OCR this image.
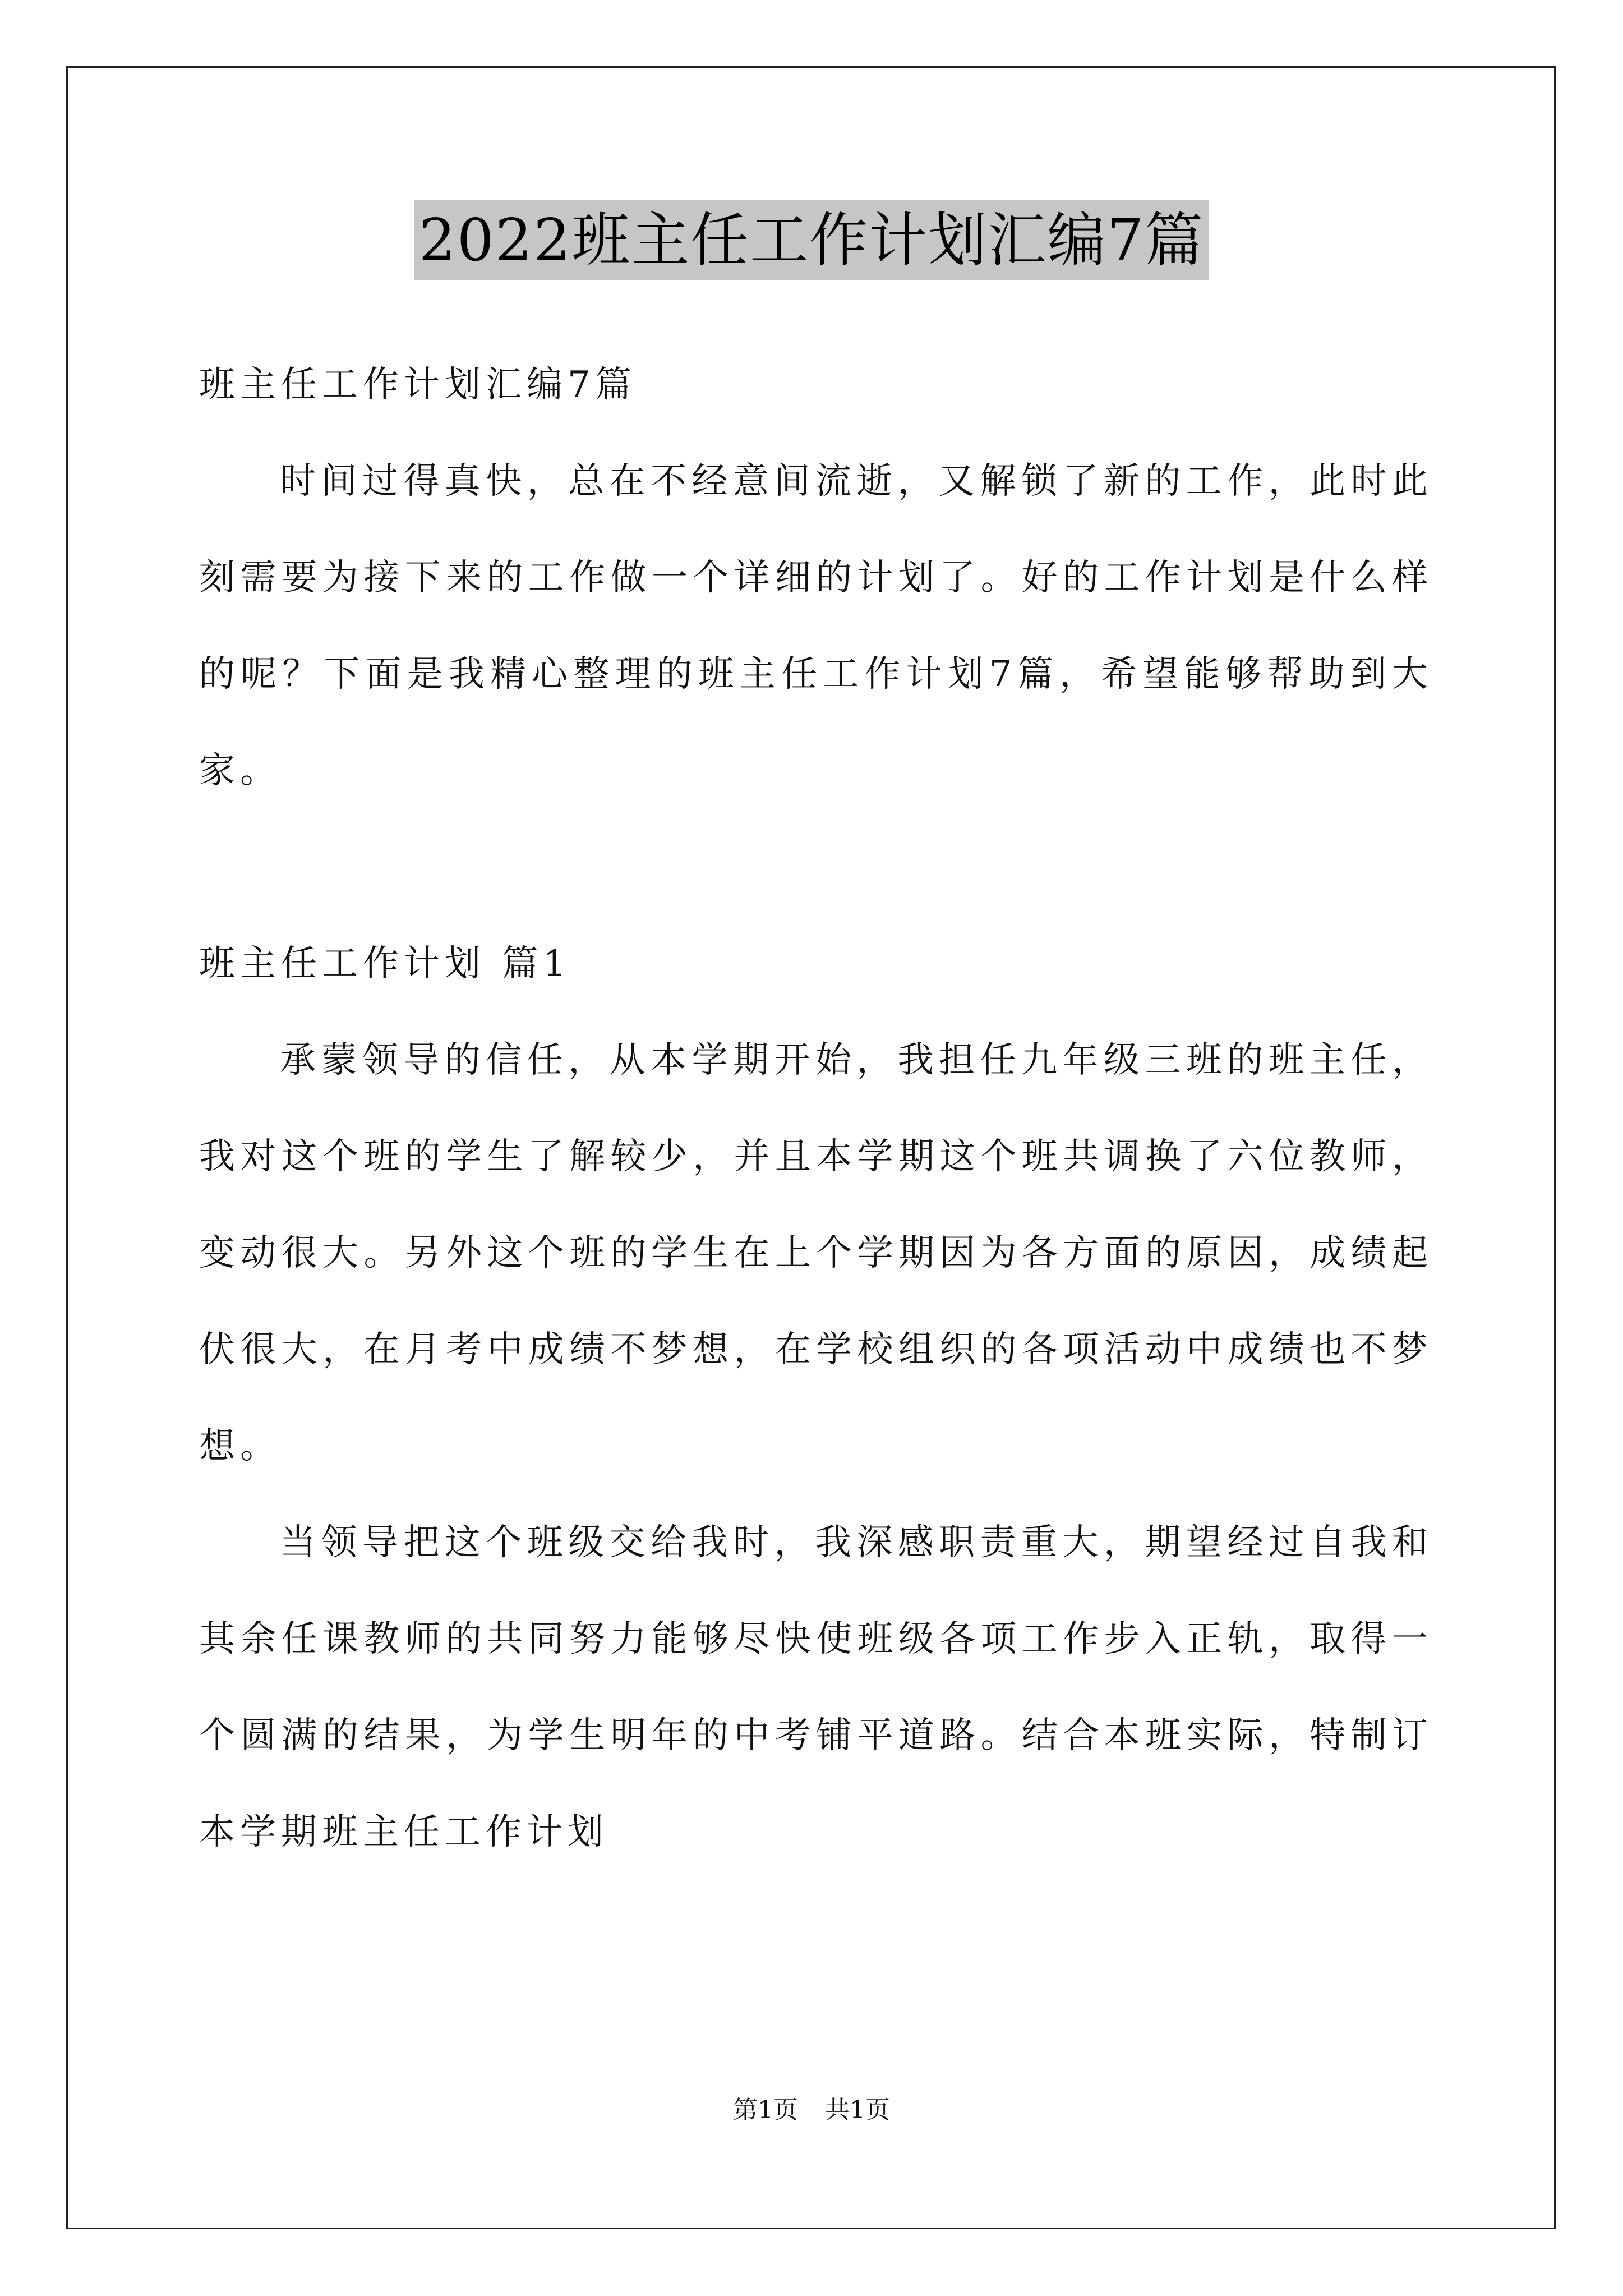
2022班主任工作计划汇编7篇

班主任工作计划汇编7篇

时间过得真快，总在不经意间流逝，又解锁了新的工作，此时此刻需要为接下来的工作做一个详细的计划了。好的工作计划是什么样的呢？下面是我精心整理的班主任工作计划7篇，希望能够帮助到大家。

班主任工作计划 篇1

承蒙领导的信任，从本学期开始，我担任九年级三班的班主任，我对这个班的学生了解较少，并且本学期这个班共调换了六位教师，变动很大。另外这个班的学生在上个学期因为各方面的原因，成绩起伏很大，在月考中成绩不梦想，在学校组织的各项活动中成绩也不梦想。

当领导把这个班级交给我时，我深感职责重大，期望经过自我和其余任课教师的共同努力能够尽快使班级各项工作步入正轨，取得一个圆满的结果，为学生明年的中考铺平道路。结合本班实际，特制订本学期班主任工作计划

第1页 共1页
